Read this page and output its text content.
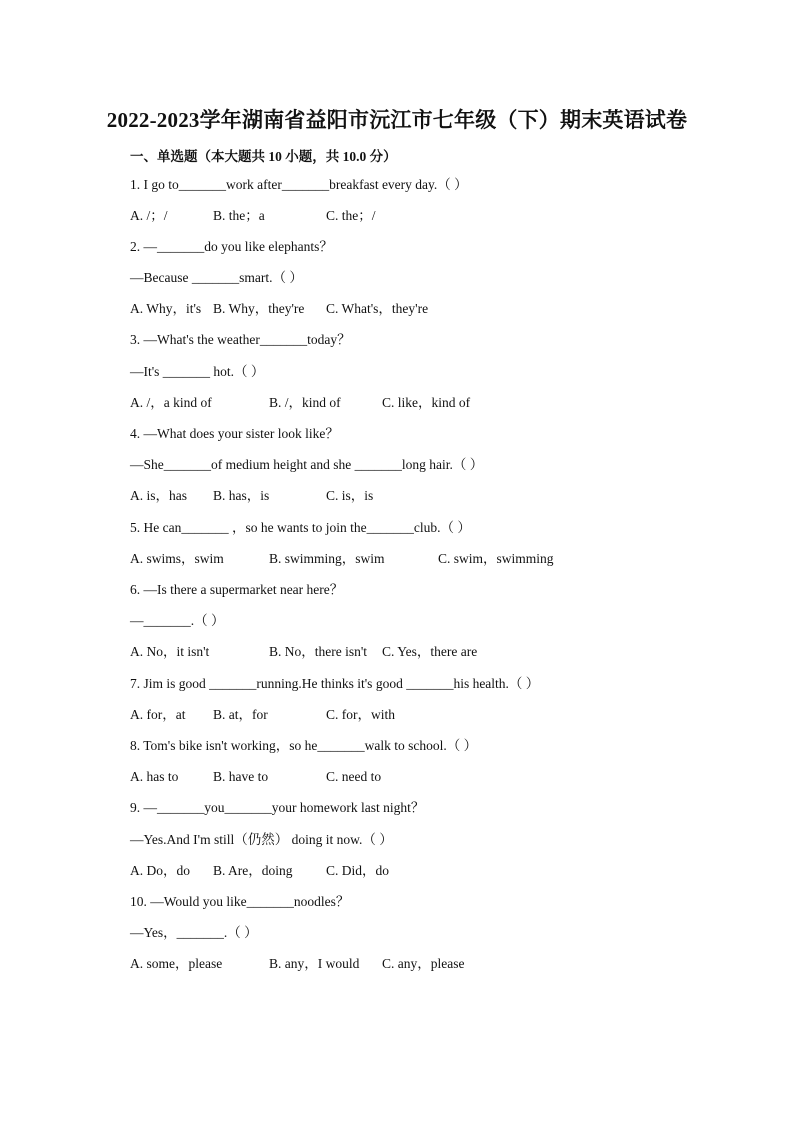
2022-2023学年湖南省益阳市沅江市七年级（下）期末英语试卷
一、单选题（本大题共 10 小题，共 10.0 分）
1. I go to_______work after_______breakfast every day.（ ）
A. /；/	B. the；a	C. the；/
2. —_______do you like elephants？
—Because _______smart.（ ）
A. Why，it's B. Why，they're C. What's，they're
3. —What's the weather_______today？
—It's _______ hot.（ ）
A. /，a kind of	B. /，kind of	C. like，kind of
4. —What does your sister look like？
—She_______of medium height and she _______long hair.（ ）
A. is，has B. has，is	C. is，is
5. He can_______ ，so he wants to join the_______club.（ ）
A. swims，swim	B. swimming，swim	C. swim，swimming
6. —Is there a supermarket near here？
—_______.（ ）
A. No，it isn't	B. No，there isn't C. Yes，there are
7. Jim is good _______running.He thinks it's good _______his health.（ ）
A. for，at B. at，for	C. for，with
8. Tom's bike isn't working，so he_______walk to school.（ ）
A. has to	B. have to	C. need to
9. —_______you_______your homework last night？
—Yes.And I'm still（仍然） doing it now.（ ）
A. Do，do B. Are，doing C. Did，do
10. —Would you like_______noodles？
—Yes，_______.（ ）
A. some，please	B. any，I would C. any，please
